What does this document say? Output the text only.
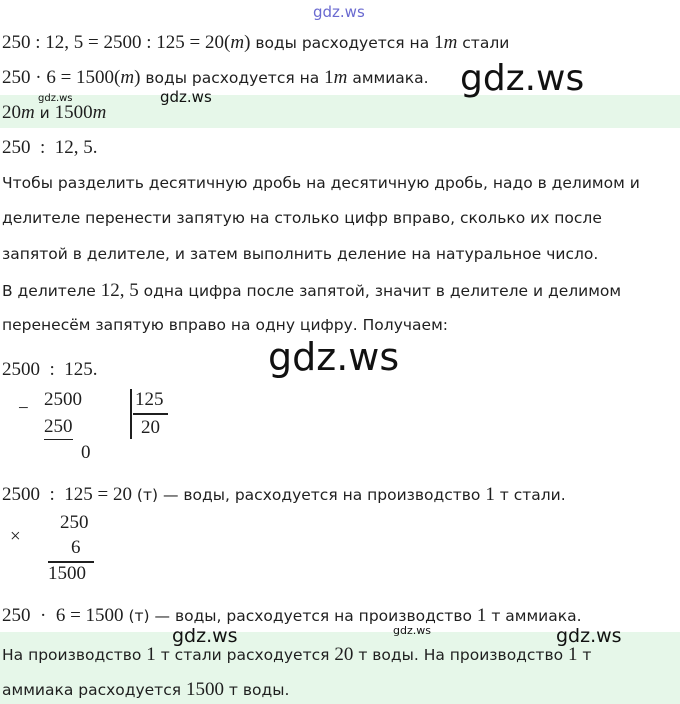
gdz.ws
250 : 12, 5 = 2500 : 125 = 20(m) воды расходуется на 1m стали
250 · 6 = 1500(m) воды расходуется на 1m аммиака. gdz.ws
gdz.ws	gdz.ws
20m и 1500m
250  :  12, 5.
Чтобы разделить десятичную дробь на десятичную дробь, надо в делимом и
делителе перенести запятую на столько цифр вправо, сколько их после
запятой в делителе, и затем выполнить деление на натуральное число.
В делителе 12, 5 одна цифра после запятой, значит в делителе и делимом
перенесём запятую вправо на одну цифру. Получаем:
gdz.ws
2500  :  125.
− 2500
250
0
125
20
2500  :  125 = 20 (т) — воды, расходуется на производство 1 т стали.
×
250
6
1500
250  ·  6 = 1500 (т) — воды, расходуется на производство 1 т аммиака.
gdz.ws	gdz.ws	gdz.ws
На производство 1 т стали расходуется 20 т воды. На производство 1 т
аммиака расходуется 1500 т воды.
